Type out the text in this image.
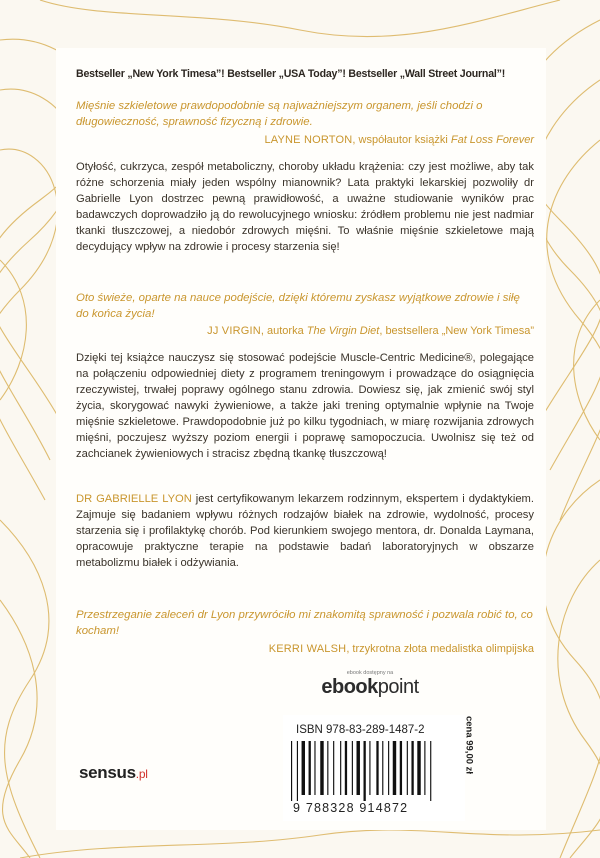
Bestseller „New York Timesa”! Bestseller „USA Today”! Bestseller „Wall Street Journal”!
Mięśnie szkieletowe prawdopodobnie są najważniejszym organem, jeśli chodzi o długowieczność, sprawność fizyczną i zdrowie.
LAYNE NORTON, współautor książki Fat Loss Forever
Otyłość, cukrzyca, zespół metaboliczny, choroby układu krążenia: czy jest możliwe, aby tak różne schorzenia miały jeden wspólny mianownik? Lata praktyki lekarskiej pozwoliły dr Gabrielle Lyon dostrzec pewną prawidłowość, a uważne studiowanie wyników prac badawczych doprowadziło ją do rewolucyjnego wniosku: źródłem problemu nie jest nadmiar tkanki tłuszczowej, a niedobór zdrowych mięśni. To właśnie mięśnie szkieletowe mają decydujący wpływ na zdrowie i procesy starzenia się!
Oto świeże, oparte na nauce podejście, dzięki któremu zyskasz wyjątkowe zdrowie i siłę do końca życia!
JJ VIRGIN, autorka The Virgin Diet, bestsellera „New York Timesa”
Dzięki tej książce nauczysz się stosować podejście Muscle-Centric Medicine®, polegające na połączeniu odpowiedniej diety z programem treningowym i prowadzące do osiągnięcia rzeczywistej, trwałej poprawy ogólnego stanu zdrowia. Dowiesz się, jak zmienić swój styl życia, skorygować nawyki żywieniowe, a także jaki trening optymalnie wpłynie na Twoje mięśnie szkieletowe. Prawdopodobnie już po kilku tygodniach, w miarę rozwijania zdrowych mięśni, poczujesz wyższy poziom energii i poprawę samopoczucia. Uwolnisz się też od zachcianek żywieniowych i stracisz zbędną tkankę tłuszczową!
DR GABRIELLE LYON jest certyfikowanym lekarzem rodzinnym, ekspertem i dydaktykiem. Zajmuje się badaniem wpływu różnych rodzajów białek na zdrowie, wydolność, procesy starzenia się i profilaktykę chorób. Pod kierunkiem swojego mentora, dr. Donalda Laymana, opracowuje praktyczne terapie na podstawie badań laboratoryjnych w obszarze metabolizmu białek i odżywiania.
Przestrzeganie zaleceń dr Lyon przywróciło mi znakomitą sprawność i pozwala robić to, co kocham!
KERRI WALSH, trzykrotna złota medalistka olimpijska
ebook dostępny na
ebookpoint
ISBN 978-83-289-1487-2
9 788328 914872
cena 99,00 zł
sensus.pl
